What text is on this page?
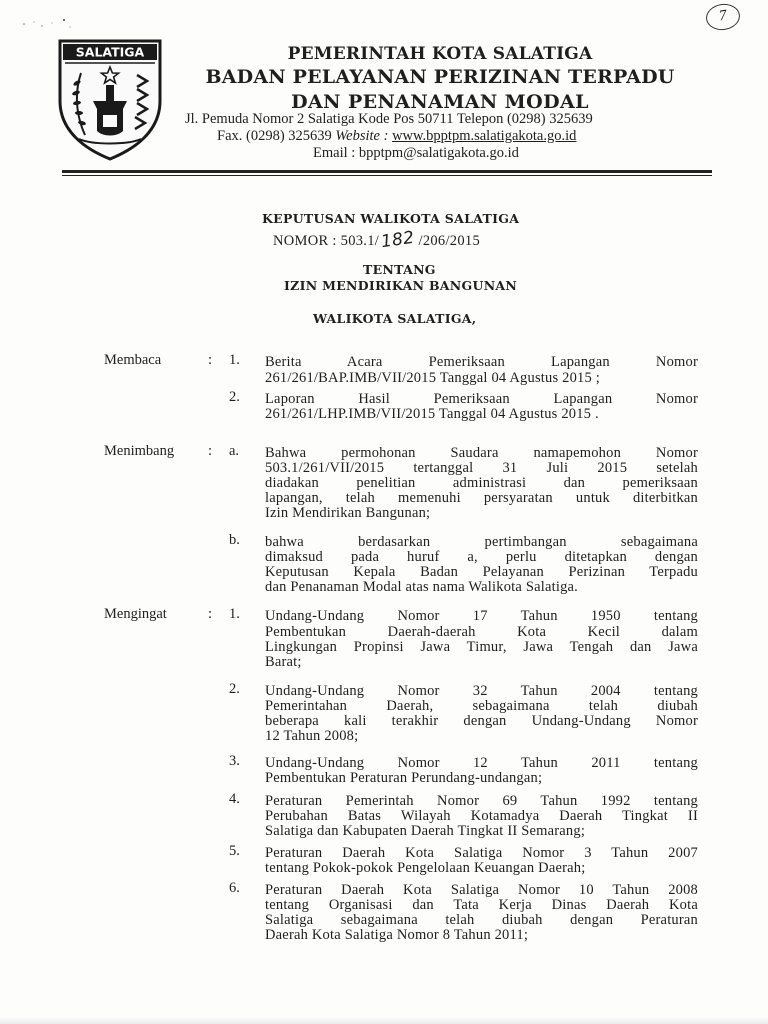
7
SALATIGA	PEMERINTAH KOTA SALATIGA
BADAN PELAYANAN PERIZINAN TERPADU
DAN PENANAMAN MODAL
Jl. Pemuda Nomor 2 Salatiga Kode Pos 50711 Telepon (0298) 325639
Fax. (0298) 325639 Website : www.bpptpm.salatigakota.go.id
Email : bpptpm@salatigakota.go.id
KEPUTUSAN WALIKOTA SALATIGA
NOMOR : 503.1/182 /206/2015
TENTANG
IZIN MENDIRIKAN BANGUNAN
WALIKOTA SALATIGA,
Membaca	: 1.	Berita Acara Pemeriksaan Lapangan Nomor
261/261/BAP.IMB/VII/2015 Tanggal 04 Agustus 2015 ;
2.	Laporan Hasil Pemeriksaan Lapangan Nomor
261/261/LHP.IMB/VII/2015 Tanggal 04 Agustus 2015 .
Menimbang : a.	Bahwa permohonan Saudara namapemohon Nomor
503.1/261/VII/2015 tertanggal 31 Juli 2015 setelah
diadakan penelitian administrasi dan pemeriksaan
lapangan, telah memenuhi persyaratan untuk diterbitkan
Izin Mendirikan Bangunan;
b.	bahwa berdasarkan pertimbangan sebagaimana
dimaksud pada huruf a, perlu ditetapkan dengan
Keputusan Kepala Badan Pelayanan Perizinan Terpadu
dan Penanaman Modal atas nama Walikota Salatiga.
Mengingat	: 1.	Undang-Undang Nomor 17 Tahun 1950 tentang
Pembentukan Daerah-daerah Kota Kecil dalam
Lingkungan Propinsi Jawa Timur, Jawa Tengah dan Jawa
Barat;
2.	Undang-Undang Nomor 32 Tahun 2004 tentang
Pemerintahan Daerah, sebagaimana telah diubah
beberapa kali terakhir dengan Undang-Undang Nomor
12 Tahun 2008;
3.	Undang-Undang Nomor 12 Tahun 2011 tentang
Pembentukan Peraturan Perundang-undangan;
4.	Peraturan Pemerintah Nomor 69 Tahun 1992 tentang
Perubahan Batas Wilayah Kotamadya Daerah Tingkat II
Salatiga dan Kabupaten Daerah Tingkat II Semarang;
5.	Peraturan Daerah Kota Salatiga Nomor 3 Tahun 2007
tentang Pokok-pokok Pengelolaan Keuangan Daerah;
6.	Peraturan Daerah Kota Salatiga Nomor 10 Tahun 2008
tentang Organisasi dan Tata Kerja Dinas Daerah Kota
Salatiga sebagaimana telah diubah dengan Peraturan
Daerah Kota Salatiga Nomor 8 Tahun 2011;
